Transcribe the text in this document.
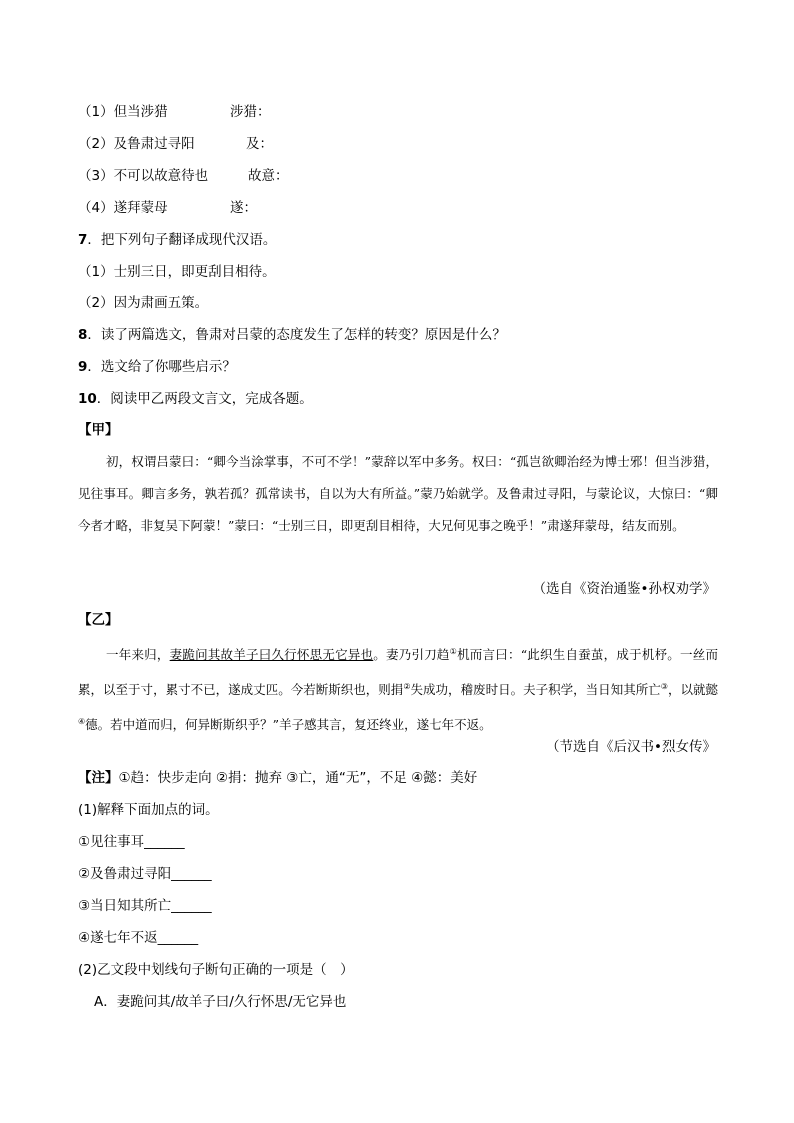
（1）但当涉猎	涉猎：
（2）及鲁肃过寻阳	及：
（3）不可以故意待也	故意：
（4）遂拜蒙母	遂：
7．把下列句子翻译成现代汉语。
（1）士别三日，即更刮目相待。
（2）因为肃画五策。
8．读了两篇选文，鲁肃对吕蒙的态度发生了怎样的转变？原因是什么？
9．选文给了你哪些启示？
10．阅读甲乙两段文言文，完成各题。
【甲】

初，权谓吕蒙曰：“卿今当涂掌事，不可不学！”蒙辞以军中多务。权曰：“孤岂欲卿治经为博士邪！但当涉猎，见往事耳。卿言多务，孰若孤？孤常读书，自以为大有所益。”蒙乃始就学。及鲁肃过寻阳，与蒙论议，大惊曰：“卿今者才略，非复吴下阿蒙！”蒙曰：“士别三日，即更刮目相待，大兄何见事之晚乎！”肃遂拜蒙母，结友而别。

（选自《资治通鉴•孙权劝学》
【乙】

一年来归，妻跪问其故羊子曰久行怀思无它异也。妻乃引刀趋①机而言曰：“此织生自蚕茧，成于机杼。一丝而累，以至于寸，累寸不已，遂成丈匹。今若断斯织也，则捐②失成功，稽废时日。夫子积学，当日知其所亡③，以就懿④德。若中道而归，何异断斯织乎？”羊子感其言，复还终业，遂七年不返。

（节选自《后汉书•烈女传》
【注】①趋：快步走向 ②捐：抛弃 ③亡，通“无”，不足 ④懿：美好
(1)解释下面加点的词。
①见往事耳______
②及鲁肃过寻阳______
③当日知其所亡______
④遂七年不返______
(2)乙文段中划线句子断句正确的一项是（　）
A．妻跪问其/故羊子曰/久行怀思/无它异也
